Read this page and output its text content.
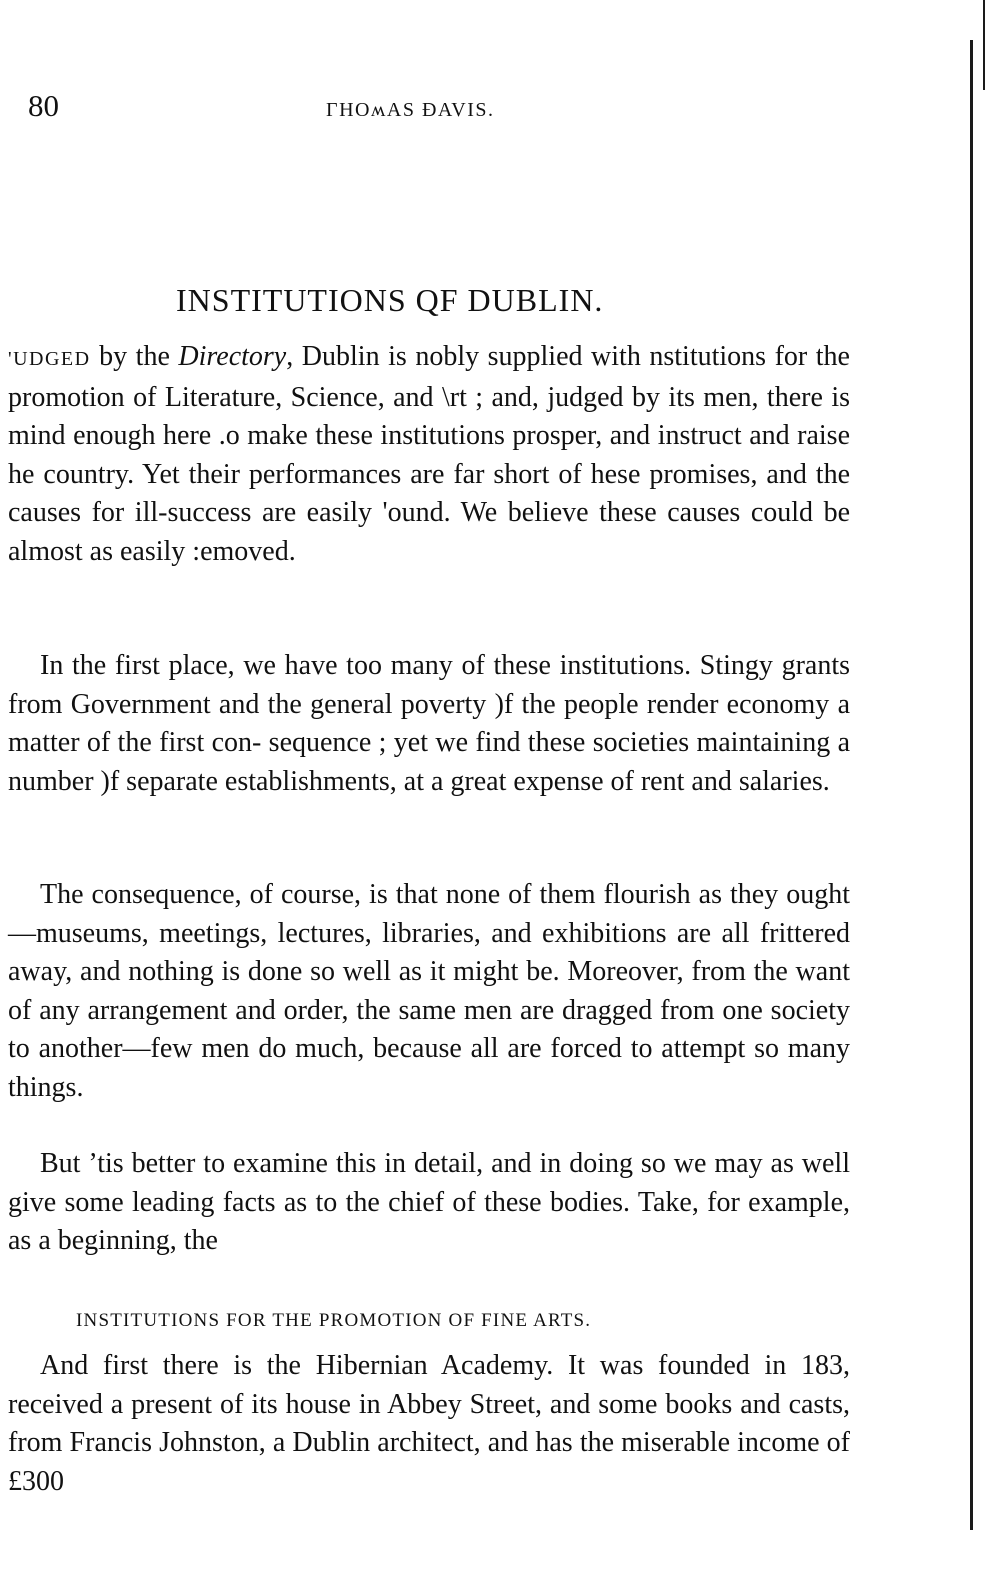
80	ΓHOʍAS ƉAVIS.
INSTITUTIONS QF DUBLIN.

'UDGED by the Directory, Dublin is nobly supplied with nstitutions for the promotion of Literature, Science, and \rt ; and, judged by its men, there is mind enough here .o make these institutions prosper, and instruct and raise he country. Yet their performances are far short of hese promises, and the causes for ill-success are easily 'ound. We believe these causes could be almost as easily :emoved.

In the first place, we have too many of these institutions. Stingy grants from Government and the general poverty )f the people render economy a matter of the first con- sequence ; yet we find these societies maintaining a number )f separate establishments, at a great expense of rent and salaries.

The consequence, of course, is that none of them flourish as they ought—museums, meetings, lectures, libraries, and exhibitions are all frittered away, and nothing is done so well as it might be. Moreover, from the want of any arrangement and order, the same men are dragged from one society to another—few men do much, because all are forced to attempt so many things.

But ’tis better to examine this in detail, and in doing so we may as well give some leading facts as to the chief of these bodies. Take, for example, as a beginning, the

INSTITUTIONS FOR THE PROMOTION OF FINE ARTS.

And first there is the Hibernian Academy. It was founded in 18⁢3, received a present of its house in Abbey Street, and some books and casts, from Francis Johnston, a Dublin architect, and has the miserable income of £300
